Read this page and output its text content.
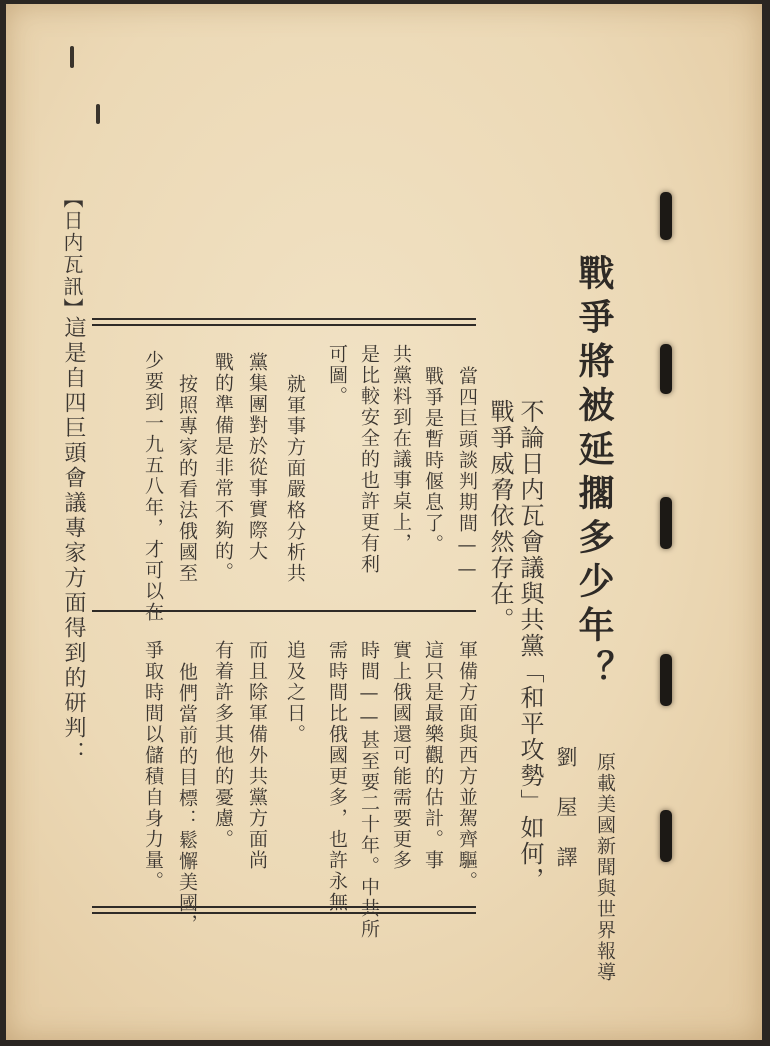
戰爭將被延擱多少年？
不論日内瓦會議與共黨「和平攻勢」如何，
戰爭威脅依然存在。
原載美國新聞與世界報導
劉　屋　譯
當四巨頭談判期間——
戰爭是暫時偃息了。
共黨料到在議事桌上，
是比較安全的也許更有利
可圖。
就軍事方面嚴格分析共
黨集團對於從事實際大
戰的準備是非常不夠的。
按照專家的看法俄國至
少要到一九五八年，才可以在
軍備方面與西方並駕齊驅。
這只是最樂觀的估計。事
實上俄國還可能需要更多
時間——甚至要二十年。中共所
需時間比俄國更多，也許永無
追及之日。
而且除軍備外共黨方面尚
有着許多其他的憂慮。
他們當前的目標：鬆懈美國，
爭取時間以儲積自身力量。
【日内瓦訊】
這是自四巨頭會議專家方面得到的研判：
